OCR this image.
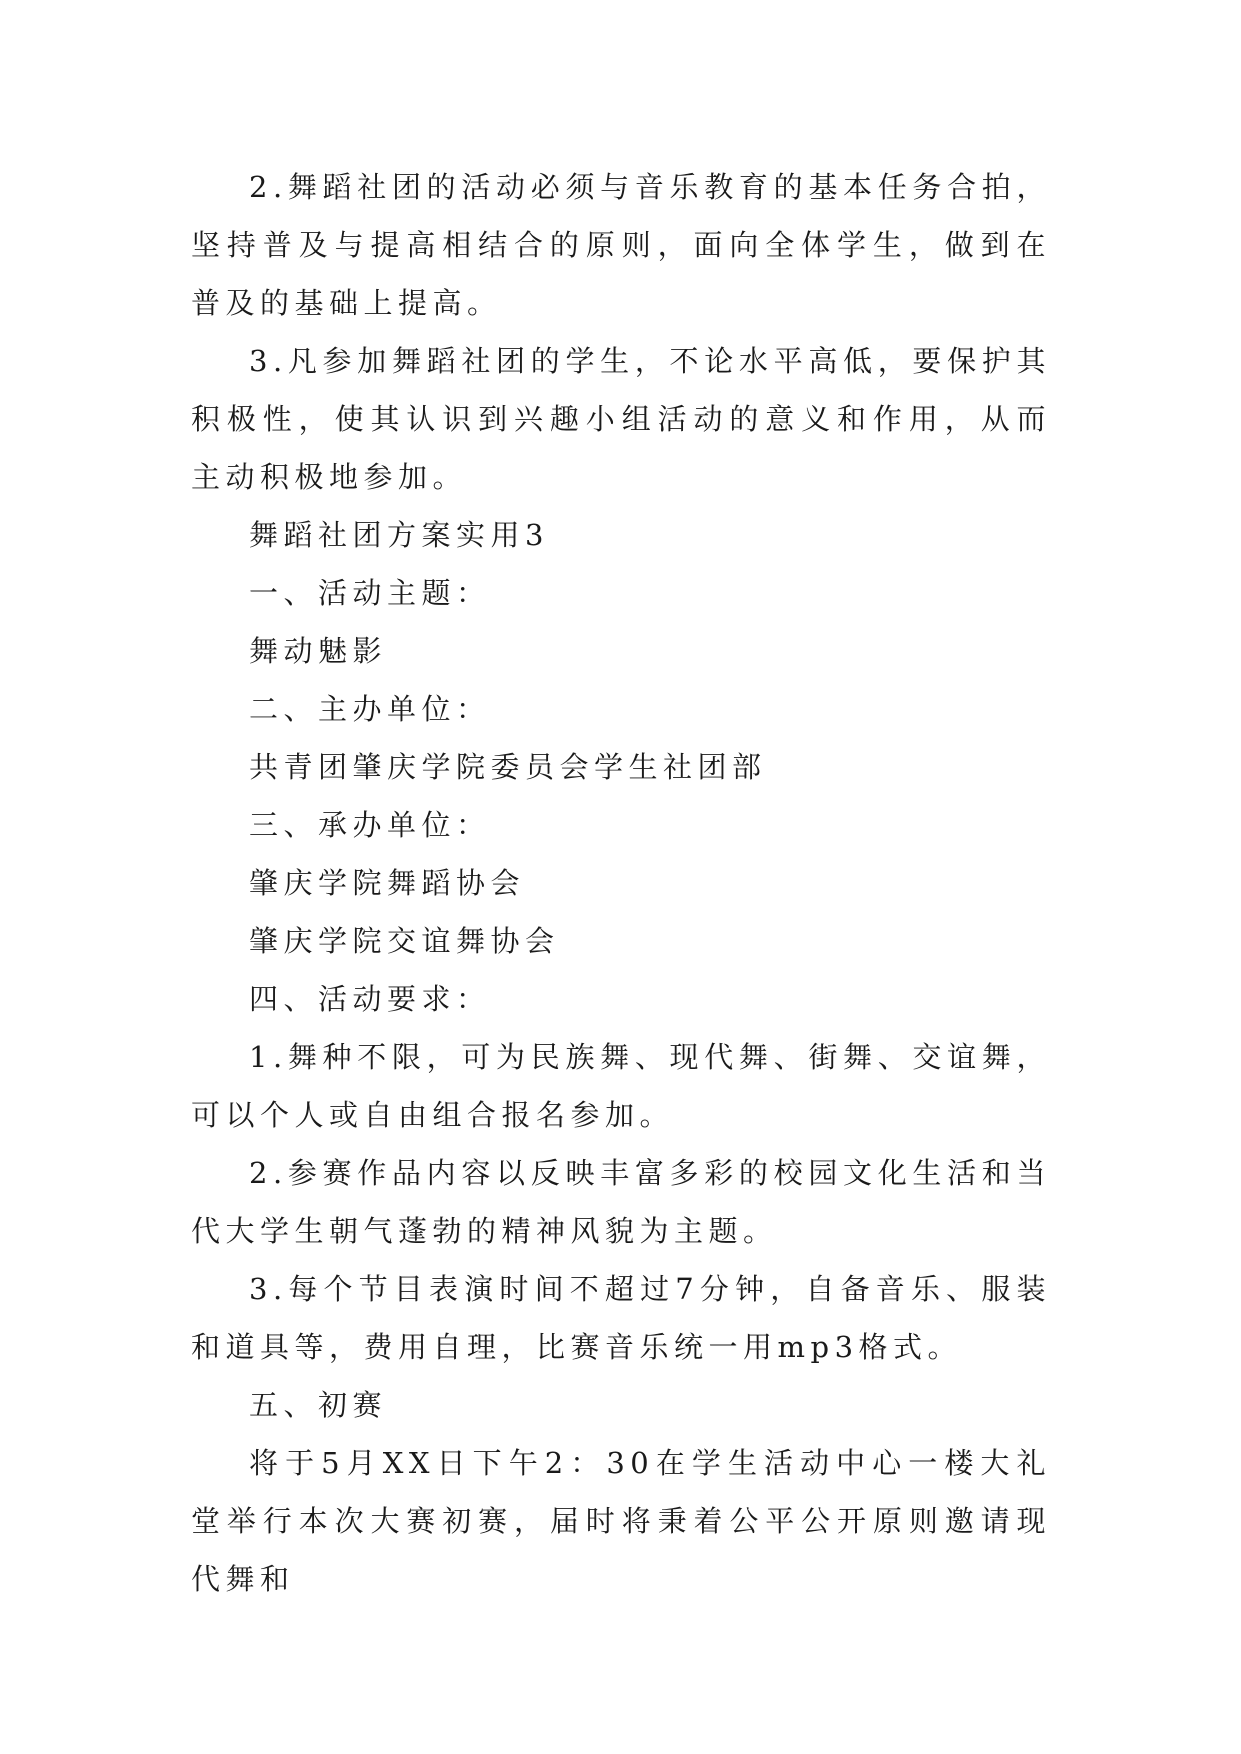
2.舞蹈社团的活动必须与音乐教育的基本任务合拍，坚持普及与提高相结合的原则，面向全体学生，做到在普及的基础上提高。

3.凡参加舞蹈社团的学生，不论水平高低，要保护其积极性，使其认识到兴趣小组活动的意义和作用，从而主动积极地参加。

舞蹈社团方案实用3

一、活动主题：

舞动魅影

二、主办单位：

共青团肇庆学院委员会学生社团部

三、承办单位：

肇庆学院舞蹈协会

肇庆学院交谊舞协会

四、活动要求：

1.舞种不限，可为民族舞、现代舞、街舞、交谊舞，可以个人或自由组合报名参加。

2.参赛作品内容以反映丰富多彩的校园文化生活和当代大学生朝气蓬勃的精神风貌为主题。

3.每个节目表演时间不超过7分钟，自备音乐、服装和道具等，费用自理，比赛音乐统一用mp3格式。

五、初赛

将于5月XX日下午2：30在学生活动中心一楼大礼堂举行本次大赛初赛，届时将秉着公平公开原则邀请现代舞和
